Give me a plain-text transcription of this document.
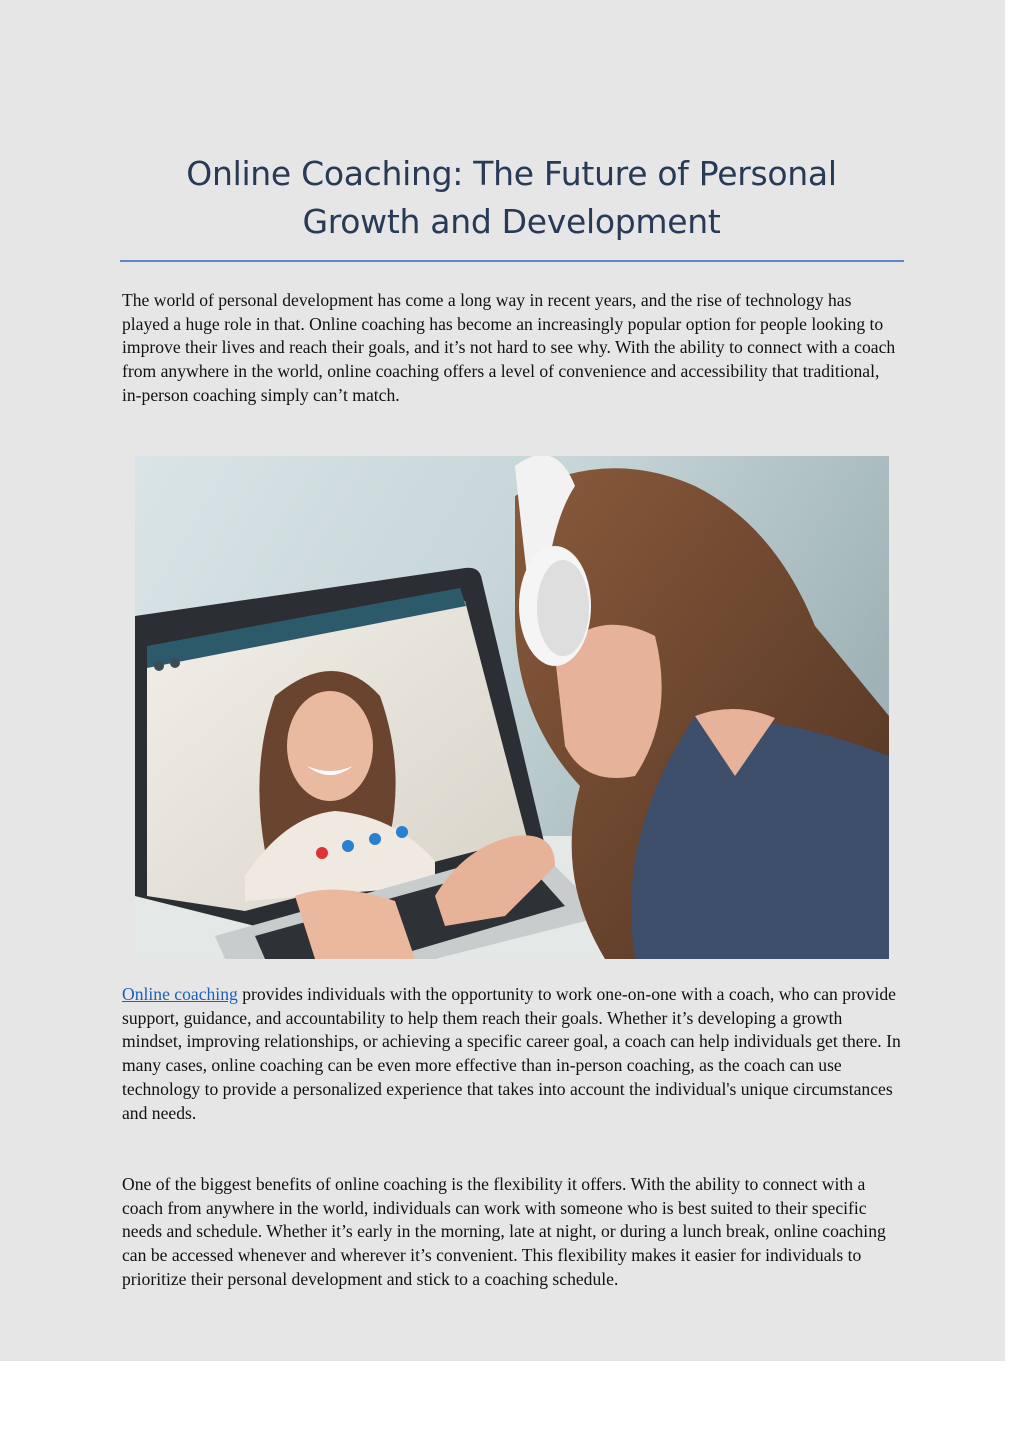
Online Coaching: The Future of Personal
Growth and Development

The world of personal development has come a long way in recent years, and the rise of technology has played a huge role in that. Online coaching has become an increasingly popular option for people looking to improve their lives and reach their goals, and it’s not hard to see why. With the ability to connect with a coach from anywhere in the world, online coaching offers a level of convenience and accessibility that traditional, in-person coaching simply can’t match.

Online coaching provides individuals with the opportunity to work one-on-one with a coach, who can provide support, guidance, and accountability to help them reach their goals. Whether it’s developing a growth mindset, improving relationships, or achieving a specific career goal, a coach can help individuals get there. In many cases, online coaching can be even more effective than in-person coaching, as the coach can use technology to provide a personalized experience that takes into account the individual's unique circumstances and needs.

One of the biggest benefits of online coaching is the flexibility it offers. With the ability to connect with a coach from anywhere in the world, individuals can work with someone who is best suited to their specific needs and schedule. Whether it’s early in the morning, late at night, or during a lunch break, online coaching can be accessed whenever and wherever it’s convenient. This flexibility makes it easier for individuals to prioritize their personal development and stick to a coaching schedule.
